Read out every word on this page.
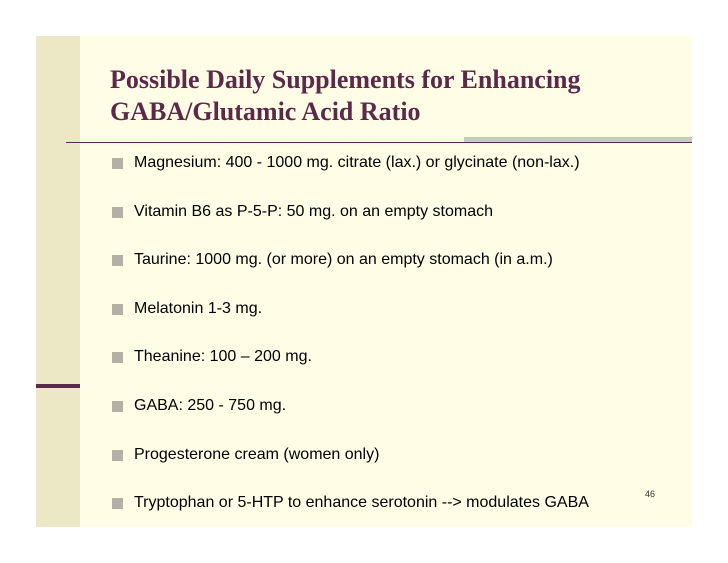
Possible Daily Supplements for Enhancing
GABA/Glutamic Acid Ratio
Magnesium: 400 - 1000 mg. citrate (lax.) or glycinate (non-lax.)
Vitamin B6 as P-5-P: 50 mg. on an empty stomach
Taurine: 1000 mg. (or more) on an empty stomach (in a.m.)
Melatonin 1-3 mg.
Theanine: 100 – 200 mg.
GABA: 250 - 750 mg.
Progesterone cream (women only)
Tryptophan or 5-HTP to enhance serotonin --> modulates GABA
46
